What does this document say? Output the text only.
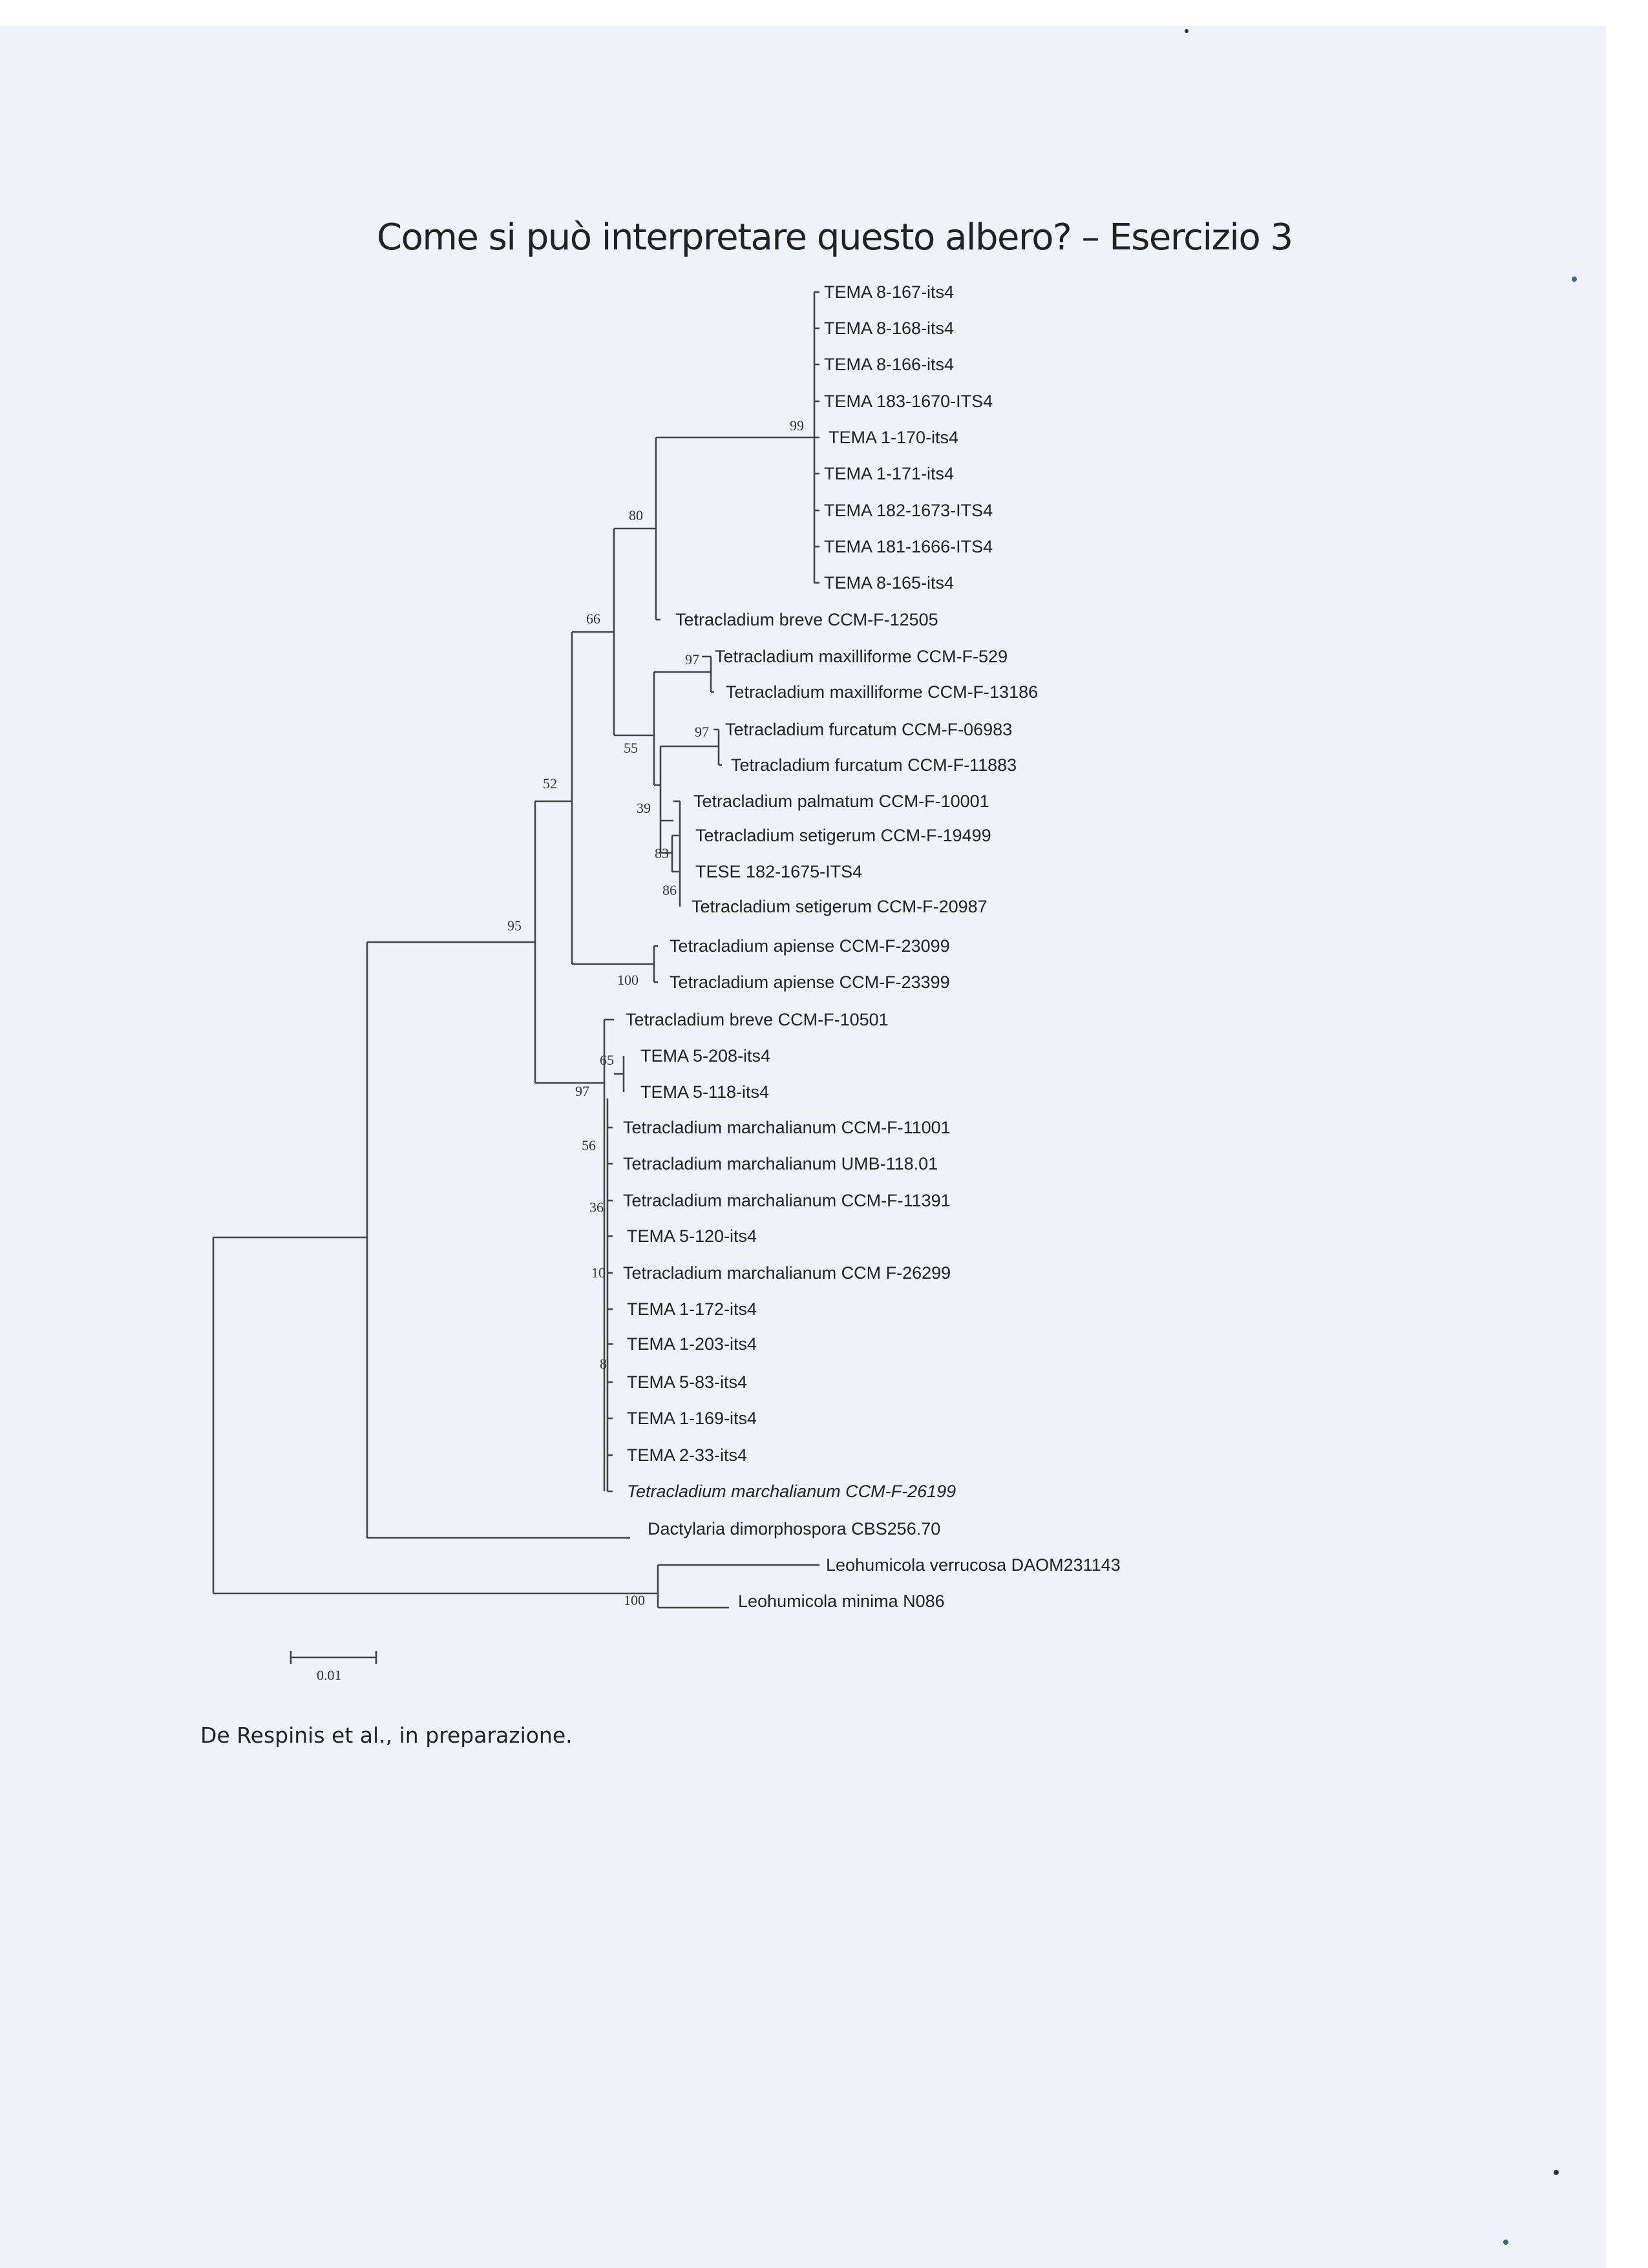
Come si può interpretare questo albero? – Esercizio 3
TEMA 8-167-its4
TEMA 8-168-its4
TEMA 8-166-its4
TEMA 183-1670-ITS4
TEMA 1-170-its4
TEMA 1-171-its4
TEMA 182-1673-ITS4
TEMA 181-1666-ITS4
TEMA 8-165-its4
Tetracladium breve CCM-F-12505
Tetracladium maxilliforme CCM-F-529
Tetracladium maxilliforme CCM-F-13186
Tetracladium furcatum CCM-F-06983
Tetracladium furcatum CCM-F-11883
Tetracladium palmatum CCM-F-10001
Tetracladium setigerum CCM-F-19499
TESE 182-1675-ITS4
Tetracladium setigerum CCM-F-20987
Tetracladium apiense CCM-F-23099
Tetracladium apiense CCM-F-23399
Tetracladium breve CCM-F-10501
TEMA 5-208-its4
TEMA 5-118-its4
Tetracladium marchalianum CCM-F-11001
Tetracladium marchalianum UMB-118.01
Tetracladium marchalianum CCM-F-11391
TEMA 5-120-its4
Tetracladium marchalianum CCM F-26299
TEMA 1-172-its4
TEMA 1-203-its4
TEMA 5-83-its4
TEMA 1-169-its4
TEMA 2-33-its4
Tetracladium marchalianum CCM-F-26199
Dactylaria dimorphospora CBS256.70
Leohumicola verrucosa DAOM231143
Leohumicola minima N086
99
80
66
97
97
55
52
39
83
86
95
100
65
97
56
36
10
8
100
0.01
De Respinis et al., in preparazione.
